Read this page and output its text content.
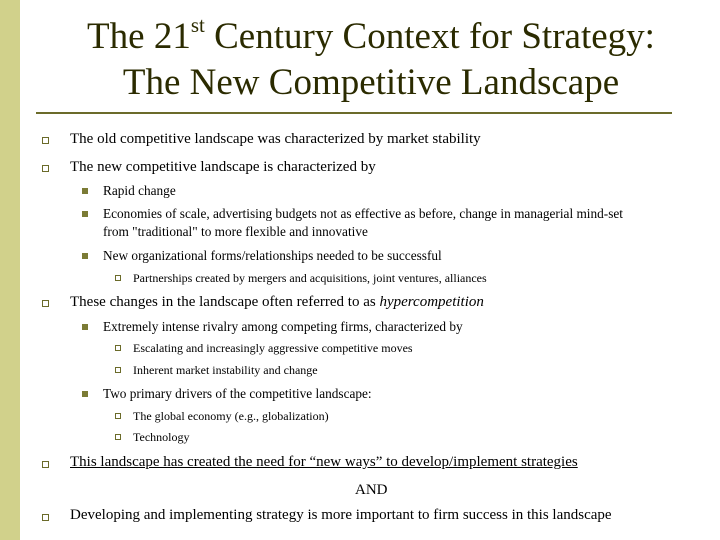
The 21st Century Context for Strategy:
The New Competitive Landscape
The old competitive landscape was characterized by market stability
The new competitive landscape is characterized by
Rapid change
Economies of scale, advertising budgets not as effective as before, change in managerial mind-set
from "traditional" to more flexible and innovative
New organizational forms/relationships needed to be successful
Partnerships created by mergers and acquisitions, joint ventures, alliances
These changes in the landscape often referred to as hypercompetition
Extremely intense rivalry among competing firms, characterized by
Escalating and increasingly aggressive competitive moves
Inherent market instability and change
Two primary drivers of the competitive landscape:
The global economy (e.g., globalization)
Technology
This landscape has created the need for “new ways” to develop/implement strategies
AND
Developing and implementing strategy is more important to firm success in this landscape
